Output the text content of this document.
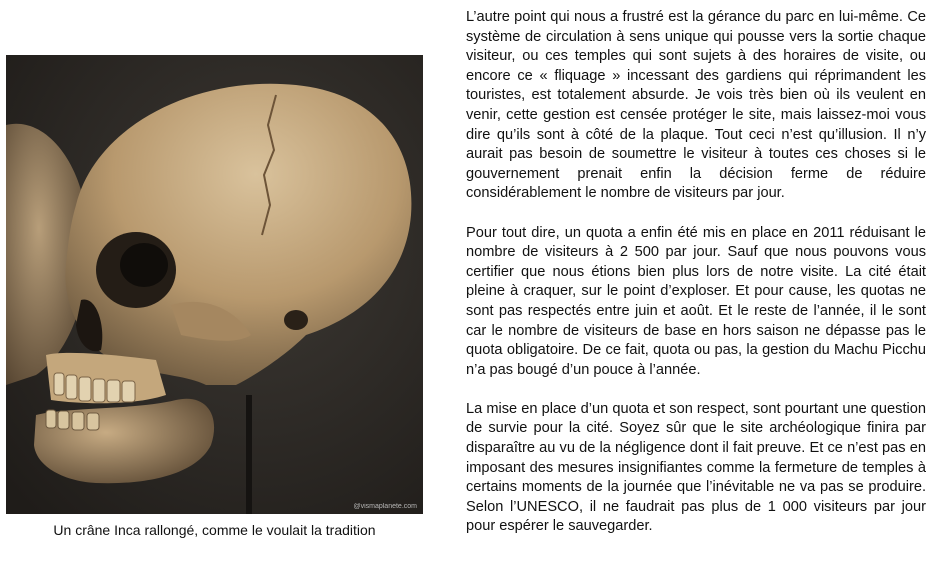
@vismaplanete.com
Un crâne Inca rallongé, comme le voulait la tradition

L’autre point qui nous a frustré est la gérance du parc en lui-même. Ce système de circulation à sens unique qui pousse vers la sortie chaque visiteur, ou ces temples qui sont sujets à des horaires de visite, ou encore ce « fliquage » incessant des gardiens qui réprimandent les touristes, est totalement absurde. Je vois très bien où ils veulent en venir, cette gestion est censée protéger le site, mais laissez-moi vous dire qu’ils sont à côté de la plaque. Tout ceci n’est qu’illusion. Il n’y aurait pas besoin de soumettre le visiteur à toutes ces choses si le gouvernement prenait enfin la décision ferme de réduire considérablement le nombre de visiteurs par jour.

Pour tout dire, un quota a enfin été mis en place en 2011 réduisant le nombre de visiteurs à 2 500 par jour. Sauf que nous pouvons vous certifier que nous étions bien plus lors de notre visite. La cité était pleine à craquer, sur le point d’exploser. Et pour cause, les quotas ne sont pas respectés entre juin et août. Et le reste de l’année, il le sont car le nombre de visiteurs de base en hors saison ne dépasse pas le quota obligatoire. De ce fait, quota ou pas, la gestion du Machu Picchu n’a pas bougé d’un pouce à l’année.

La mise en place d’un quota et son respect, sont pourtant une question de survie pour la cité. Soyez sûr que le site archéologique finira par disparaître au vu de la négligence dont il fait preuve. Et ce n’est pas en imposant des mesures insignifiantes comme la fermeture de temples à certains moments de la journée que l’inévitable ne va pas se produire. Selon l’UNESCO, il ne faudrait pas plus de 1 000 visiteurs par jour pour espérer le sauvegarder.
